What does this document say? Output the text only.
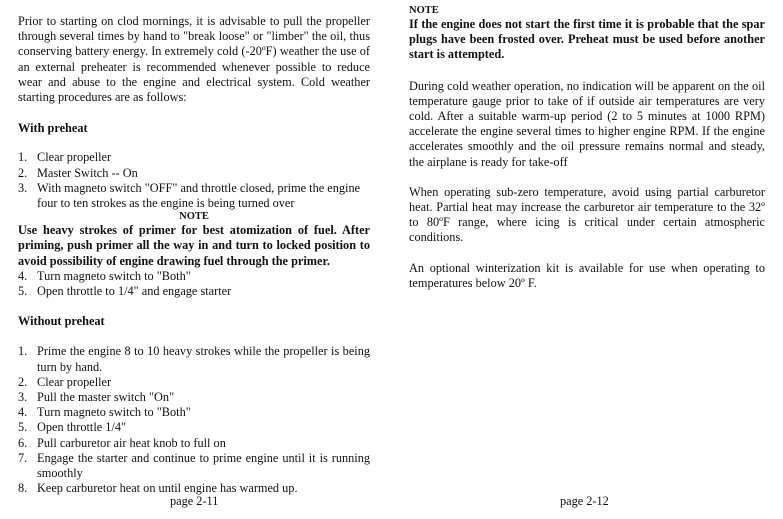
Prior to starting on clod mornings, it is advisable to pull the propeller through several times by hand to "break loose" or "limber" the oil, thus conserving battery energy. In extremely cold (-20ºF) weather the use of an external preheater is recommended whenever possible to reduce wear and abuse to the engine and electrical system. Cold weather starting procedures are as follows:

With preheat

1. Clear propeller
2. Master Switch -- On
3. With magneto switch "OFF" and throttle closed, prime the engine four to ten strokes as the engine is being turned over

NOTE

Use heavy strokes of primer for best atomization of fuel. After priming, push primer all the way in and turn to locked position to avoid possibility of engine drawing fuel through the primer.

4. Turn magneto switch to "Both"
5. Open throttle to 1/4" and engage starter

Without preheat

1. Prime the engine 8 to 10 heavy strokes while the propeller is being turn by hand.
2. Clear propeller
3. Pull the master switch "On"
4. Turn magneto switch to "Both"
5. Open throttle 1/4"
6. Pull carburetor air heat knob to full on
7. Engage the starter and continue to prime engine until it is running smoothly
8. Keep carburetor heat on until engine has warmed up.
page 2-11

NOTE

If the engine does not start the first time it is probable that the spar plugs have been frosted over. Preheat must be used before another start is attempted.

During cold weather operation, no indication will be apparent on the oil temperature gauge prior to take of if outside air temperatures are very cold. After a suitable warm-up period (2 to 5 minutes at 1000 RPM) accelerate the engine several times to higher engine RPM. If the engine accelerates smoothly and the oil pressure remains normal and steady, the airplane is ready for take-off

When operating sub-zero temperature, avoid using partial carburetor heat. Partial heat may increase the carburetor air temperature to the 32º to 80ºF range, where icing is critical under certain atmospheric conditions.

An optional winterization kit is available for use when operating to temperatures below 20º F.

page 2-12
